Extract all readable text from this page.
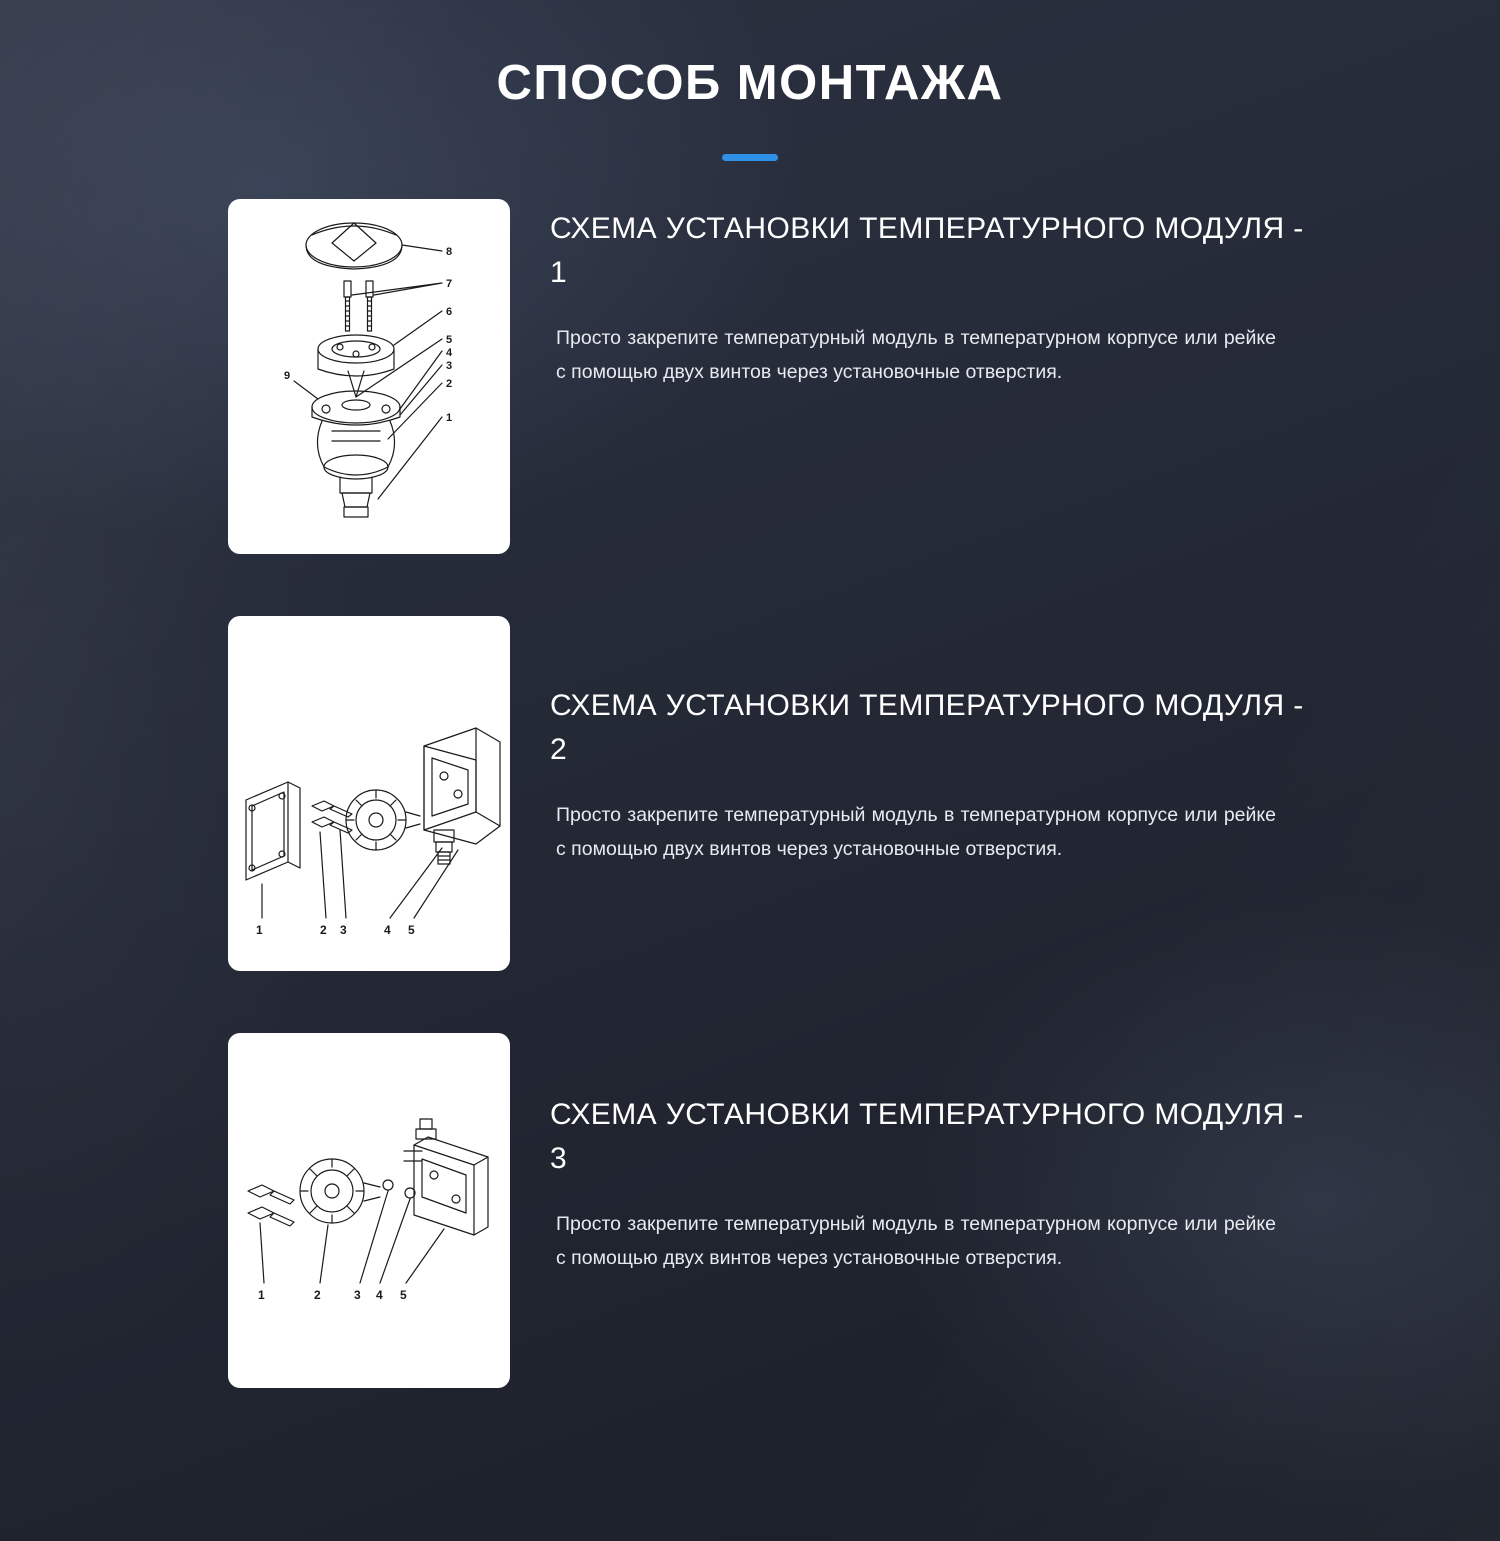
СПОСОБ МОНТАЖА
8
7
6
9
5
4
3
2
1
СХЕМА УСТАНОВКИ ТЕМПЕРАТУРНОГО МОДУЛЯ - 1

Просто закрепите температурный модуль в температурном корпусе или рейке с помощью двух винтов через установочные отверстия.

1	2 3	4 5
СХЕМА УСТАНОВКИ ТЕМПЕРАТУРНОГО МОДУЛЯ - 2

Просто закрепите температурный модуль в температурном корпусе или рейке с помощью двух винтов через установочные отверстия.

1	2	3 4 5
СХЕМА УСТАНОВКИ ТЕМПЕРАТУРНОГО МОДУЛЯ - 3

Просто закрепите температурный модуль в температурном корпусе или рейке с помощью двух винтов через установочные отверстия.
